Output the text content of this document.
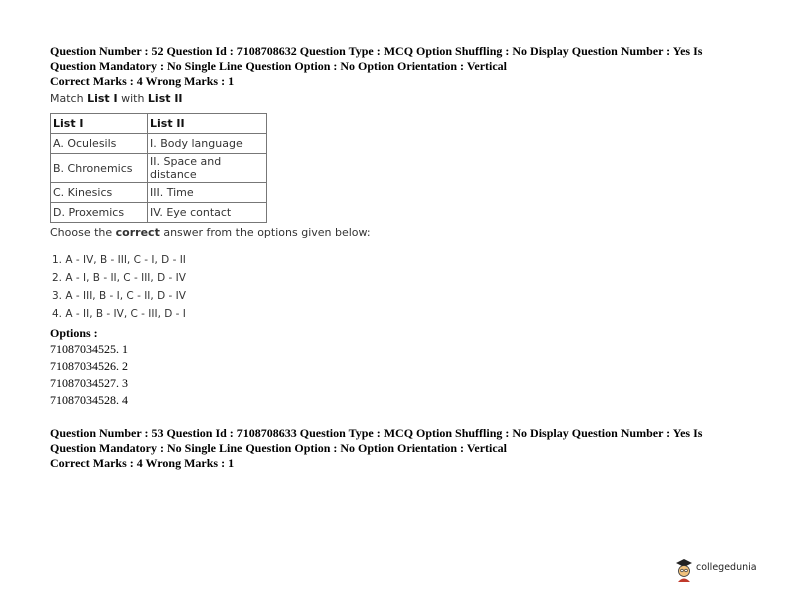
Question Number : 52 Question Id : 7108708632 Question Type : MCQ Option Shuffling : No Display Question Number : Yes Is
Question Mandatory : No Single Line Question Option : No Option Orientation : Vertical
Correct Marks : 4 Wrong Marks : 1
Match List I with List II
List I	List II
A. Oculesils	I. Body language
B. Chronemics	II. Space and distance
C. Kinesics	III. Time
D. Proxemics	IV. Eye contact
Choose the correct answer from the options given below:
1. A - IV, B - III, C - I, D - II
2. A - I, B - II, C - III, D - IV
3. A - III, B - I, C - II, D - IV
4. A - II, B - IV, C - III, D - I
Options :
71087034525. 1
71087034526. 2
71087034527. 3
71087034528. 4
Question Number : 53 Question Id : 7108708633 Question Type : MCQ Option Shuffling : No Display Question Number : Yes Is
Question Mandatory : No Single Line Question Option : No Option Orientation : Vertical
Correct Marks : 4 Wrong Marks : 1
collegedunia
